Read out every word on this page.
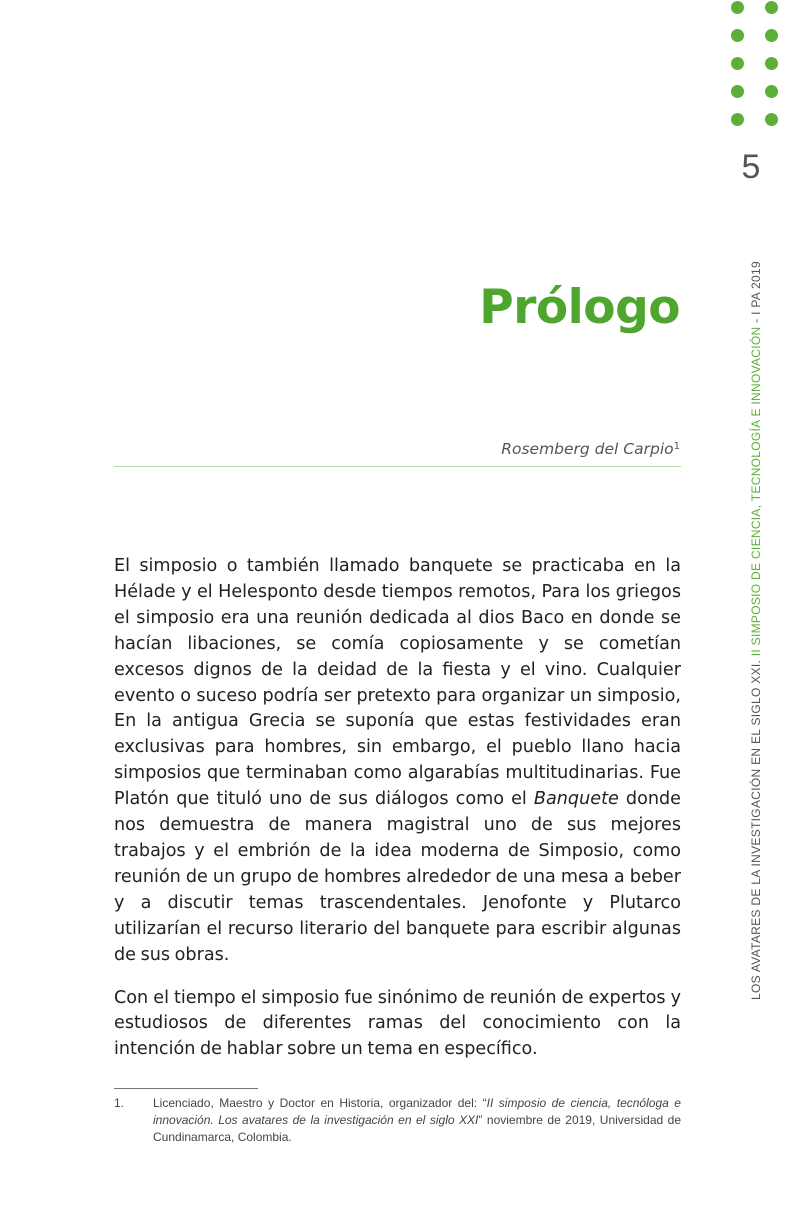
5
LOS AVATARES DE LA INVESTIGACIÓN EN EL SIGLO XXI. II SIMPOSIO DE CIENCIA, TECNOLOGÍA E INNOVACIÓN - I PA 2019
Prólogo
Rosemberg del Carpio$^1$

El simposio o también llamado banquete se practicaba en la Hélade y el Helesponto desde tiempos remotos, Para los griegos el simposio era una reunión dedicada al dios Baco en donde se hacían libaciones, se comía copiosamente y se cometían excesos dignos de la deidad de la fiesta y el vino. Cualquier evento o suceso podría ser pretexto para organizar un simposio, En la antigua Grecia se suponía que estas festividades eran exclusivas para hombres, sin embargo, el pueblo llano hacia simposios que terminaban como algarabías multitudinarias. Fue Platón que tituló uno de sus diálogos como el Banquete donde nos demuestra de manera magistral uno de sus mejores trabajos y el embrión de la idea moderna de Simposio, como reunión de un grupo de hombres alrededor de una mesa a beber y a discutir temas trascendentales. Jenofonte y Plutarco utilizarían el recurso literario del banquete para escribir algunas de sus obras.

Con el tiempo el simposio fue sinónimo de reunión de expertos y estudiosos de diferentes ramas del conocimiento con la intención de hablar sobre un tema en específico.

1. Licenciado, Maestro y Doctor en Historia, organizador del: “II simposio de ciencia, tecnóloga e innovación. Los avatares de la investigación en el siglo XXI” noviembre de 2019, Universidad de Cundinamarca, Colombia.
